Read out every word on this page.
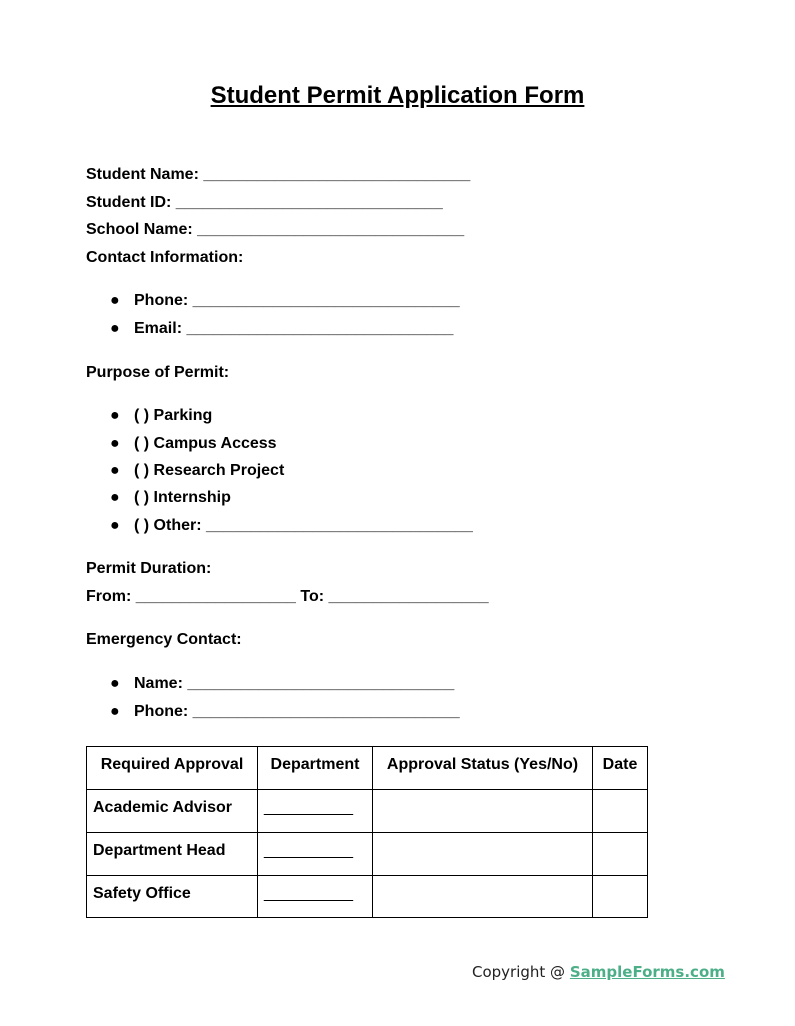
Student Permit Application Form
Student Name: ______________________________
Student ID: ______________________________
School Name: ______________________________
Contact Information:
● Phone: ______________________________
● Email: ______________________________
Purpose of Permit:
● ( ) Parking
● ( ) Campus Access
● ( ) Research Project
● ( ) Internship
● ( ) Other: ______________________________
Permit Duration:
From: __________________ To: __________________
Emergency Contact:
● Name: ______________________________
● Phone: ______________________________
Required Approval	Department	Approval Status (Yes/No)	Date
Academic Advisor	__________		
Department Head	__________		
Safety Office	__________		
Copyright @ SampleForms.com
